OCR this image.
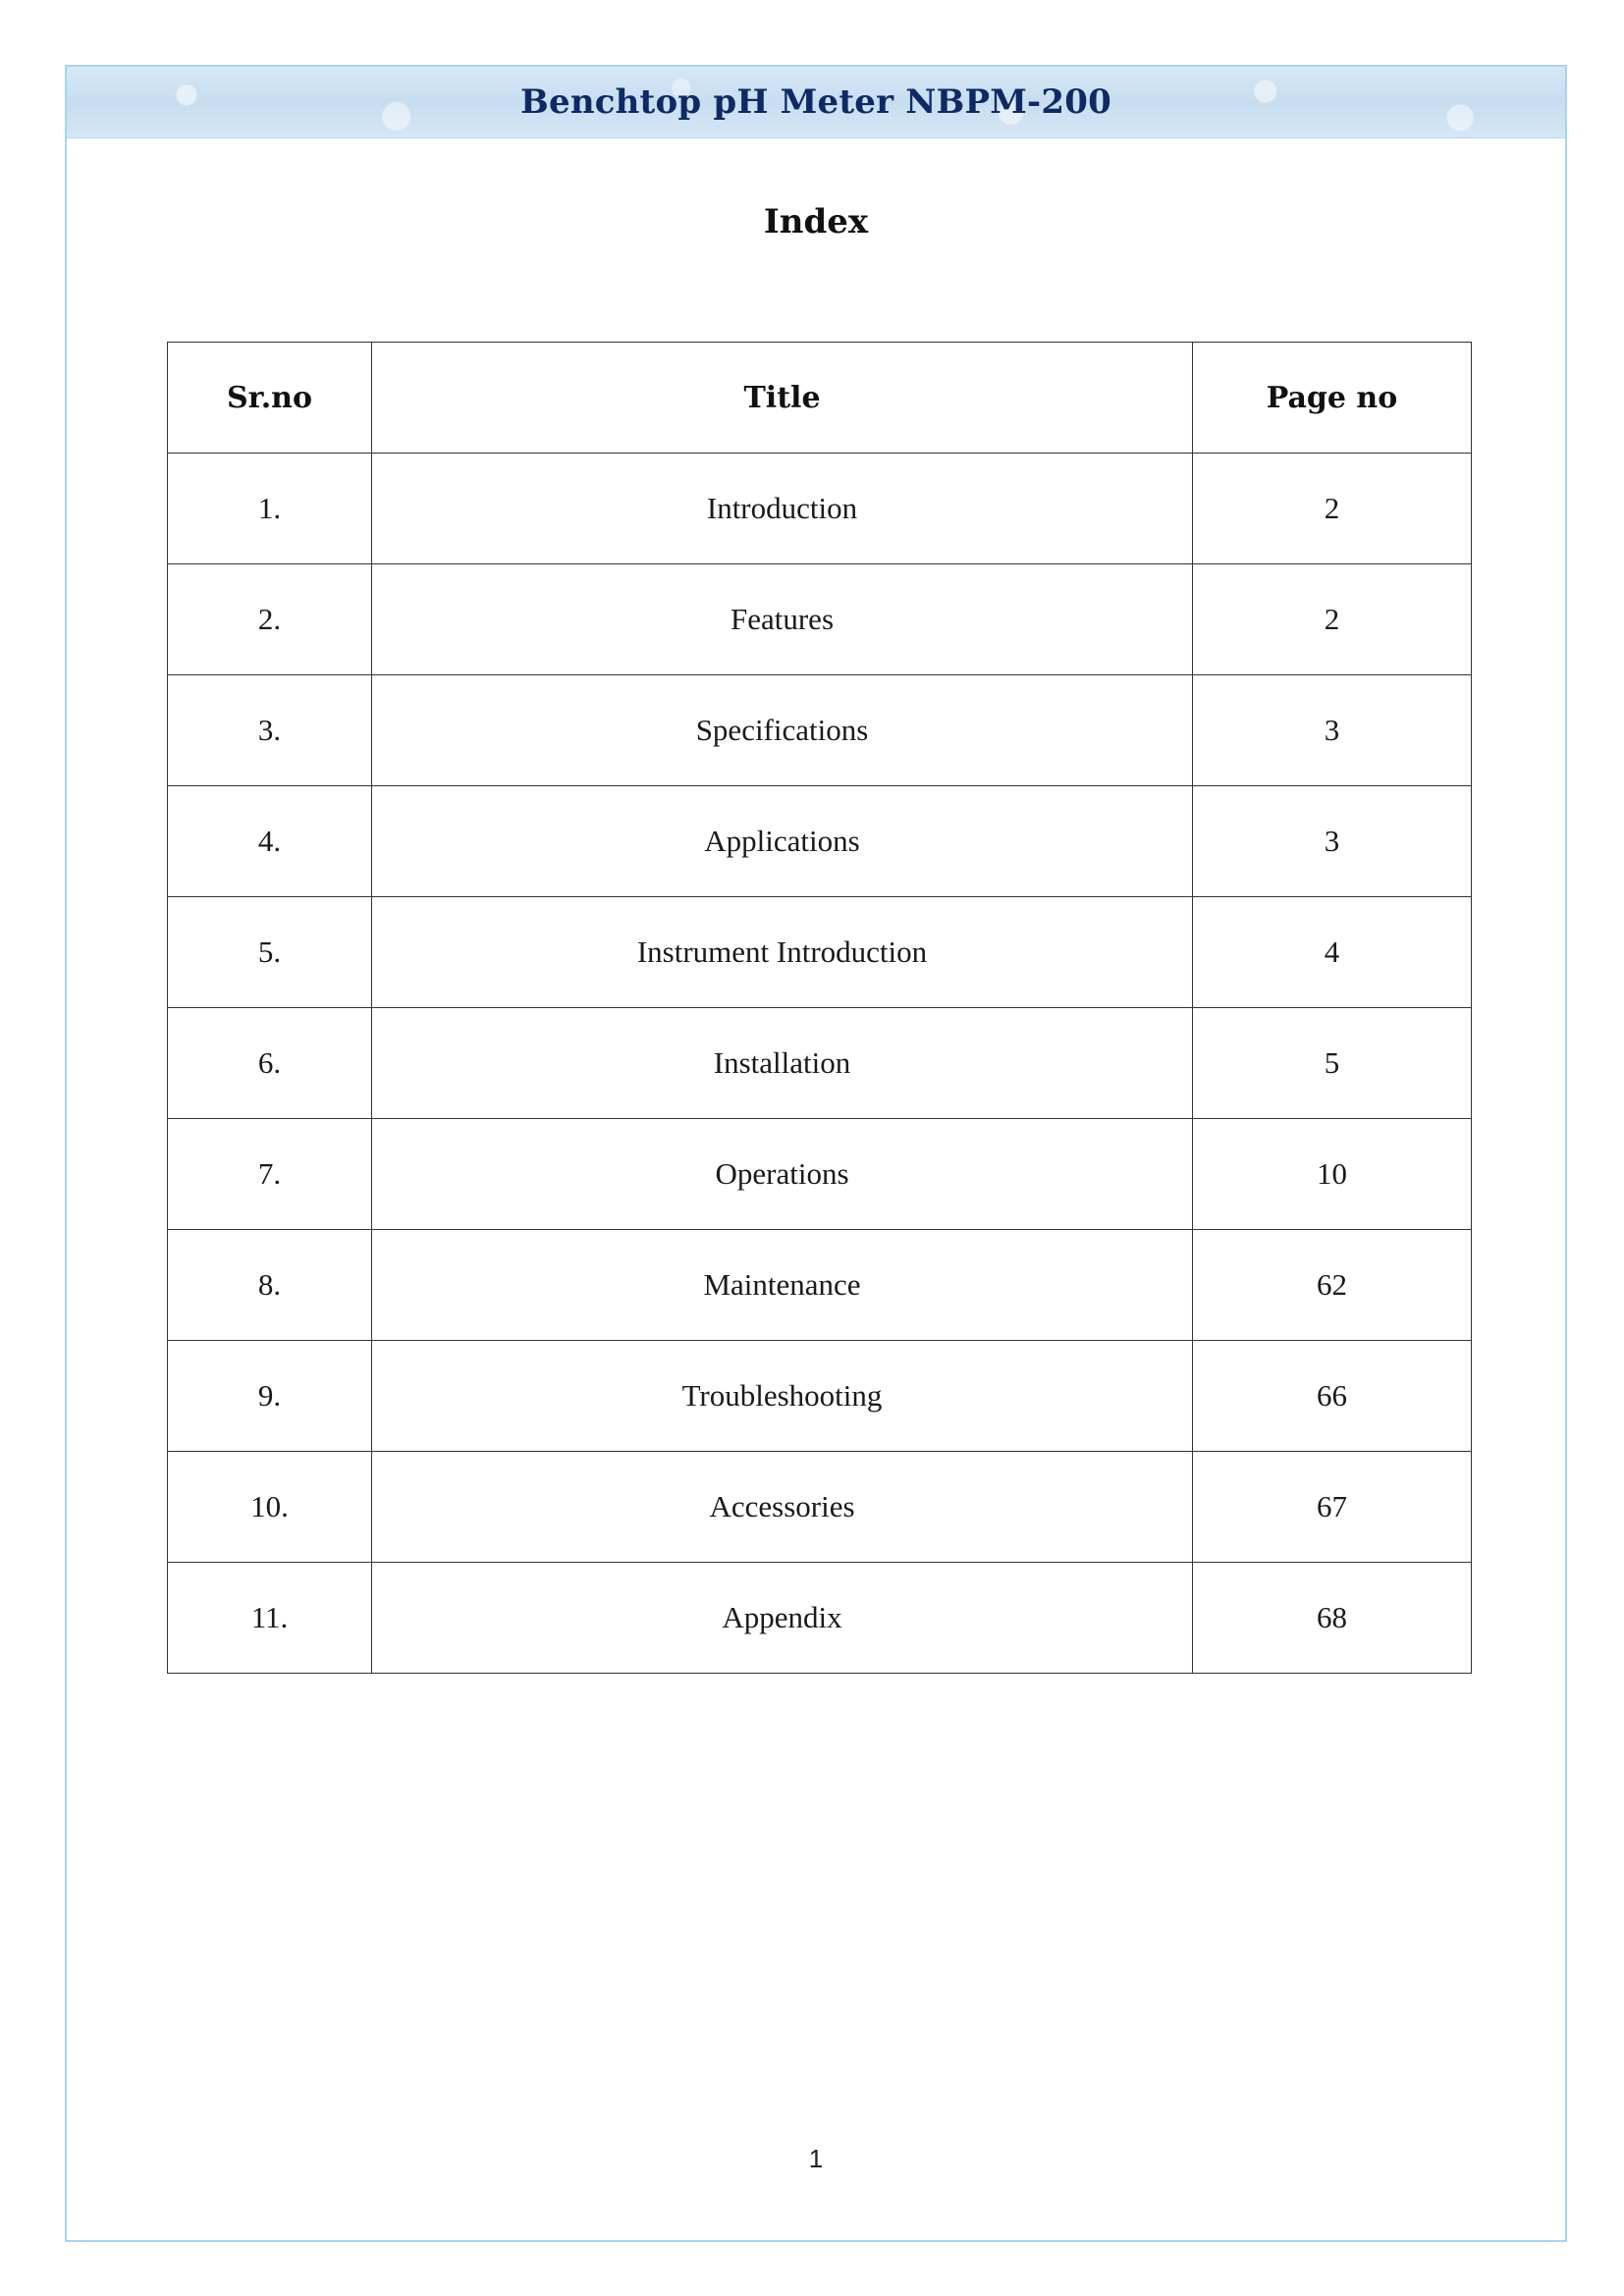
Benchtop pH Meter NBPM-200
Index
Sr.no	Title	Page no
1.	Introduction	2
2.	Features	2
3.	Specifications	3
4.	Applications	3
5.	Instrument Introduction	4
6.	Installation	5
7.	Operations	10
8.	Maintenance	62
9.	Troubleshooting	66
10.	Accessories	67
11.	Appendix	68
1
